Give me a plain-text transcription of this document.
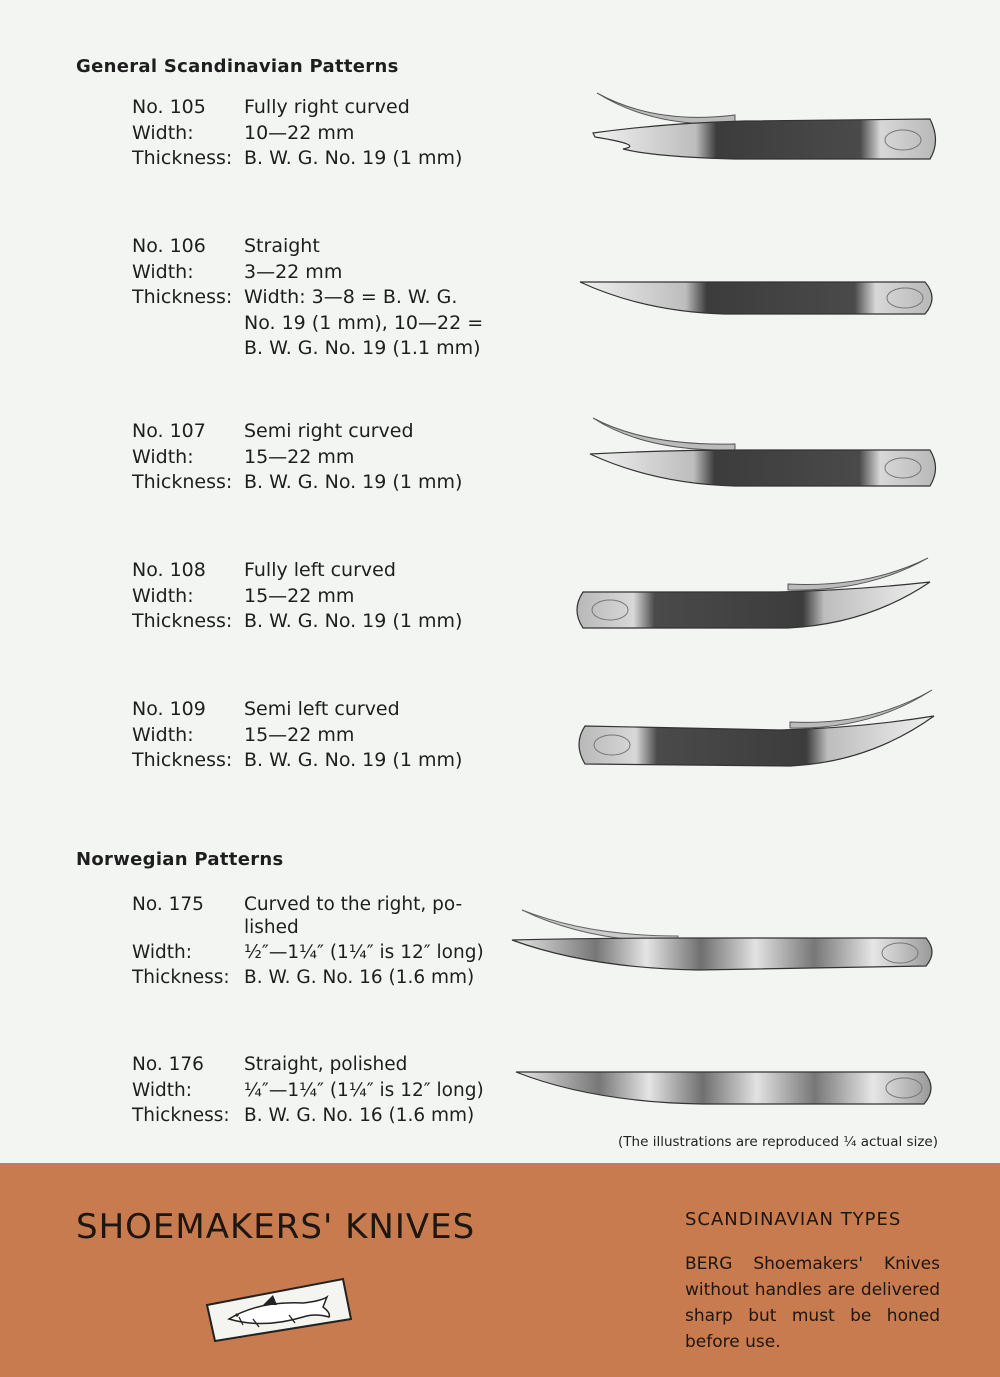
General Scandinavian Patterns
No. 105	Fully right curved
Width:	10—22 mm
Thickness: B. W. G. No. 19 (1 mm)
No. 106	Straight
Width:	3—22 mm
Thickness: Width: 3—8 = B. W. G.
No. 19 (1 mm), 10—22 =
B. W. G. No. 19 (1.1 mm)
No. 107	Semi right curved
Width:	15—22 mm
Thickness: B. W. G. No. 19 (1 mm)
No. 108	Fully left curved
Width:	15—22 mm
Thickness: B. W. G. No. 19 (1 mm)
No. 109	Semi left curved
Width:	15—22 mm
Thickness: B. W. G. No. 19 (1 mm)
Norwegian Patterns
No. 175	Curved to the right, po-
lished
Width:	½″—1¼″ (1¼″ is 12″ long)
Thickness: B. W. G. No. 16 (1.6 mm)
No. 176	Straight, polished
Width:	¼″—1¼″ (1¼″ is 12″ long)
Thickness: B. W. G. No. 16 (1.6 mm)
(The illustrations are reproduced ¼ actual size)
SHOEMAKERS' KNIVES	SCANDINAVIAN TYPES
BERG Shoemakers' Knives without handles are delivered sharp but must be honed before use.
